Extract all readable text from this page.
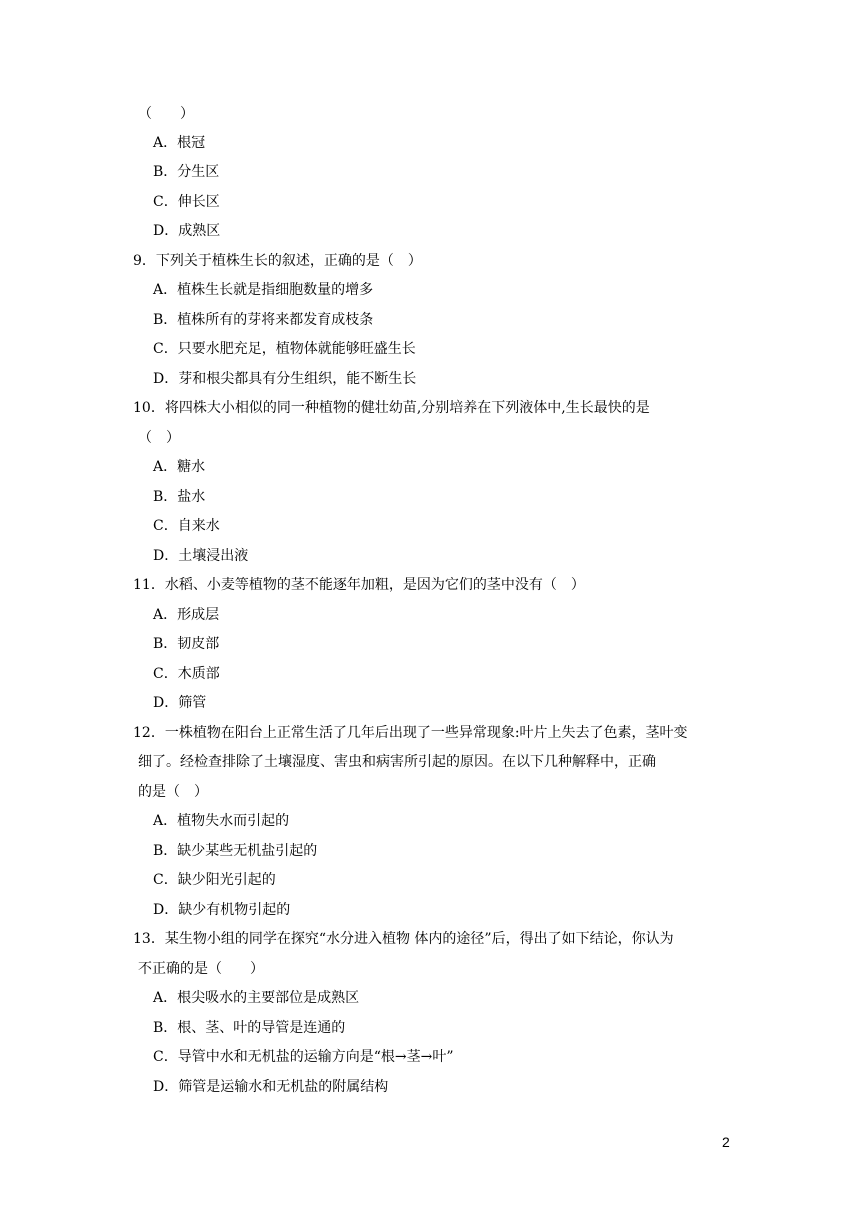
（　　）
A．根冠
B．分生区
C．伸长区
D．成熟区
9．下列关于植株生长的叙述，正确的是（　）
A．植株生长就是指细胞数量的增多
B．植株所有的芽将来都发育成枝条
C．只要水肥充足，植物体就能够旺盛生长
D．芽和根尖都具有分生组织，能不断生长
10．将四株大小相似的同一种植物的健壮幼苗,分别培养在下列液体中,生长最快的是
（　）
A．糖水
B．盐水
C．自来水
D．土壤浸出液
11．水稻、小麦等植物的茎不能逐年加粗，是因为它们的茎中没有（　）
A．形成层
B．韧皮部
C．木质部
D．筛管
12．一株植物在阳台上正常生活了几年后出现了一些异常现象:叶片上失去了色素，茎叶变
细了。经检查排除了土壤湿度、害虫和病害所引起的原因。在以下几种解释中，正确
的是（　）
A．植物失水而引起的
B．缺少某些无机盐引起的
C．缺少阳光引起的
D．缺少有机物引起的
13．某生物小组的同学在探究“水分进入植物 体内的途径”后，得出了如下结论，你认为
不正确的是（　　）
A．根尖吸水的主要部位是成熟区
B．根、茎、叶的导管是连通的
C．导管中水和无机盐的运输方向是“根→茎→叶”
D．筛管是运输水和无机盐的附属结构
2
